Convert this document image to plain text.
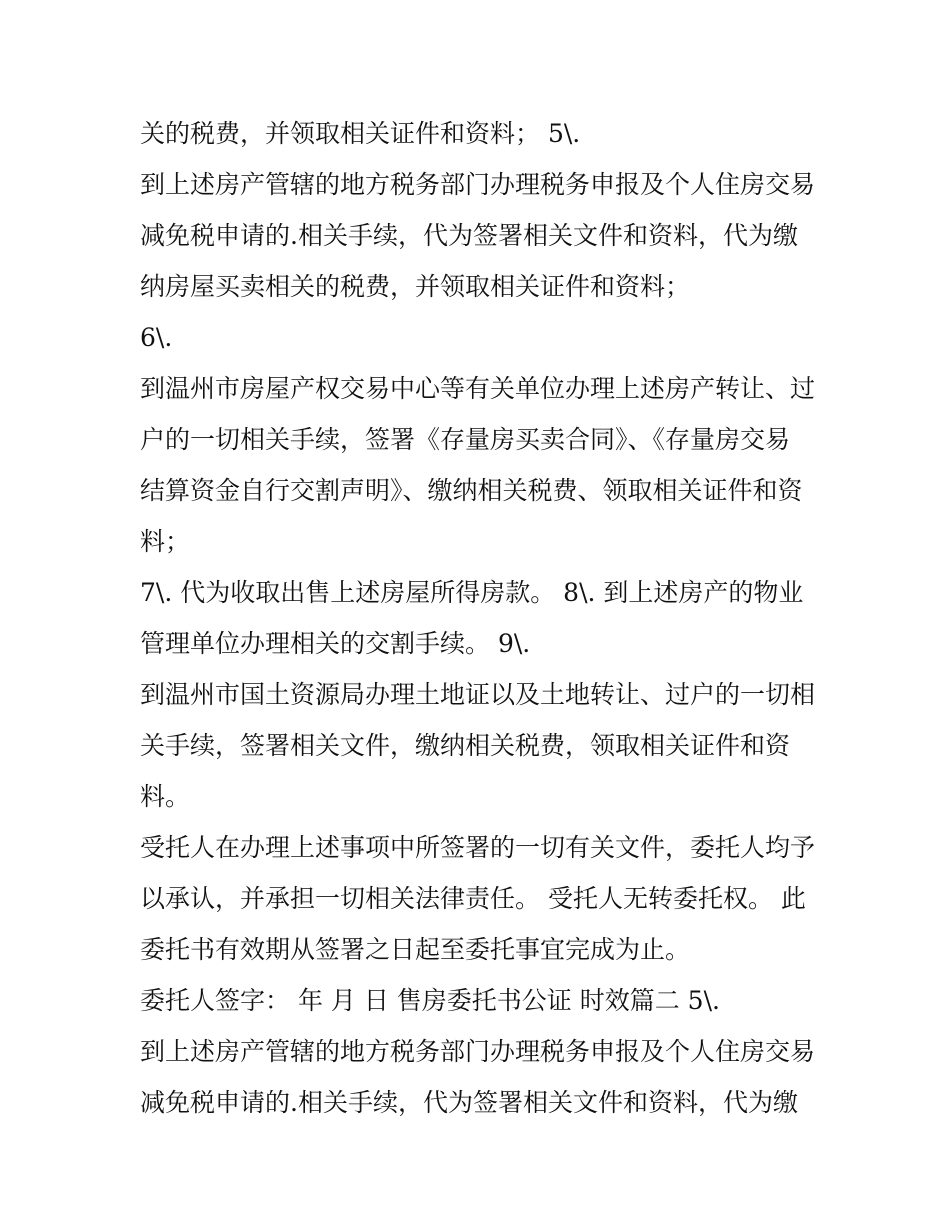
关的税费，并领取相关证件和资料； 5\.
到上述房产管辖的地方税务部门办理税务申报及个人住房交易
减免税申请的.相关手续，代为签署相关文件和资料，代为缴
纳房屋买卖相关的税费，并领取相关证件和资料；
6\.
到温州市房屋产权交易中心等有关单位办理上述房产转让、过
户的一切相关手续，签署《存量房买卖合同》、《存量房交易
结算资金自行交割声明》、缴纳相关税费、领取相关证件和资
料；
7\. 代为收取出售上述房屋所得房款。 8\. 到上述房产的物业
管理单位办理相关的交割手续。 9\.
到温州市国土资源局办理土地证以及土地转让、过户的一切相
关手续，签署相关文件，缴纳相关税费，领取相关证件和资
料。
受托人在办理上述事项中所签署的一切有关文件，委托人均予
以承认，并承担一切相关法律责任。 受托人无转委托权。 此
委托书有效期从签署之日起至委托事宜完成为止。
委托人签字： 年 月 日 售房委托书公证 时效篇二 5\.
到上述房产管辖的地方税务部门办理税务申报及个人住房交易
减免税申请的.相关手续，代为签署相关文件和资料，代为缴
